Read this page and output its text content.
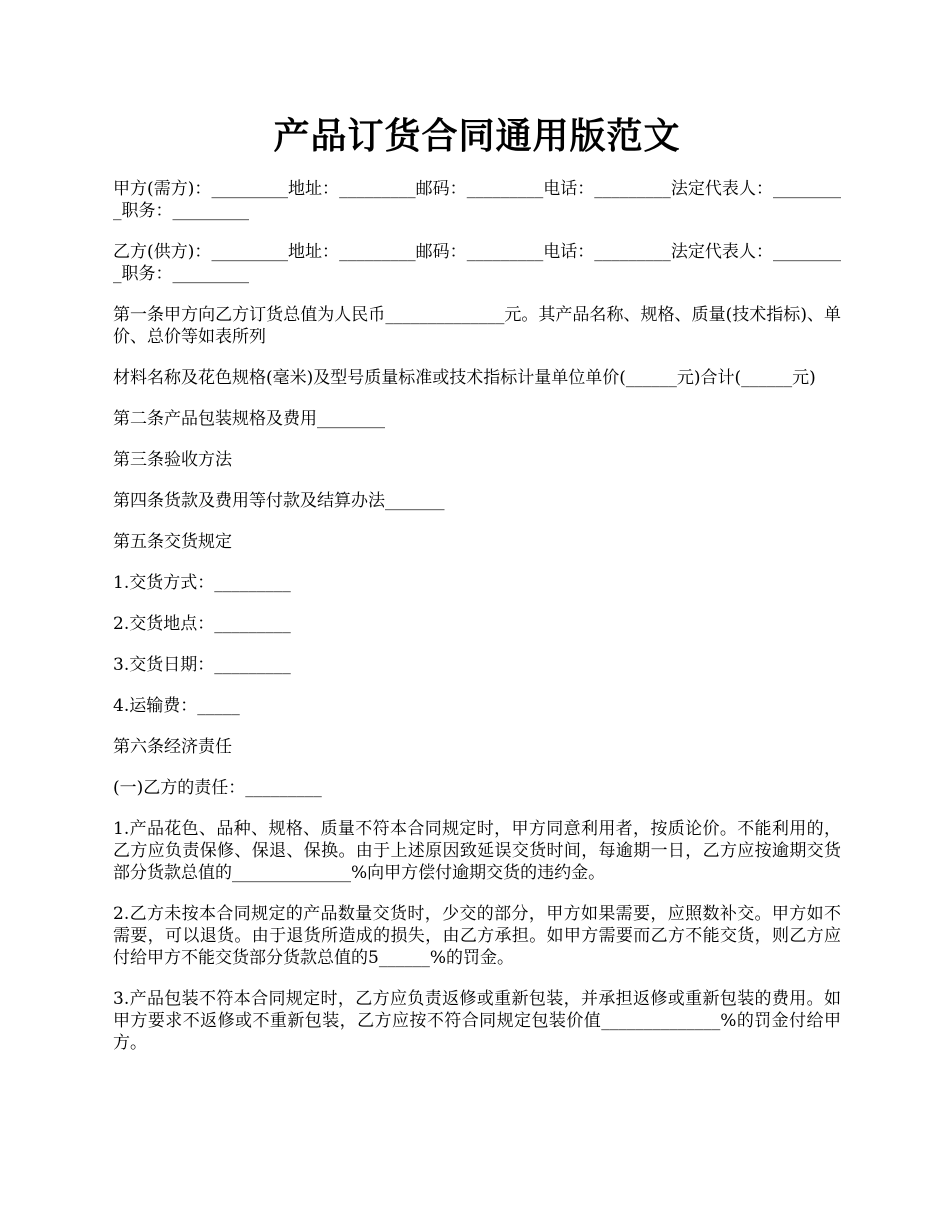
产品订货合同通用版范文

甲方(需方)：_________地址：_________邮码：_________电话：_________法定代表人：_________职务：_________

乙方(供方)：_________地址：_________邮码：_________电话：_________法定代表人：_________职务：_________

第一条甲方向乙方订货总值为人民币______________元。其产品名称、规格、质量(技术指标)、单价、总价等如表所列

材料名称及花色规格(毫米)及型号质量标准或技术指标计量单位单价(______元)合计(______元)

第二条产品包装规格及费用________

第三条验收方法

第四条货款及费用等付款及结算办法_______

第五条交货规定

1.交货方式：_________

2.交货地点：_________

3.交货日期：_________

4.运输费：_____

第六条经济责任

(一)乙方的责任：_________

1.产品花色、品种、规格、质量不符本合同规定时，甲方同意利用者，按质论价。不能利用的，乙方应负责保修、保退、保换。由于上述原因致延误交货时间，每逾期一日，乙方应按逾期交货部分货款总值的______________%向甲方偿付逾期交货的违约金。

2.乙方未按本合同规定的产品数量交货时，少交的部分，甲方如果需要，应照数补交。甲方如不需要，可以退货。由于退货所造成的损失，由乙方承担。如甲方需要而乙方不能交货，则乙方应付给甲方不能交货部分货款总值的5______%的罚金。

3.产品包装不符本合同规定时，乙方应负责返修或重新包装，并承担返修或重新包装的费用。如甲方要求不返修或不重新包装，乙方应按不符合同规定包装价值______________%的罚金付给甲方。
